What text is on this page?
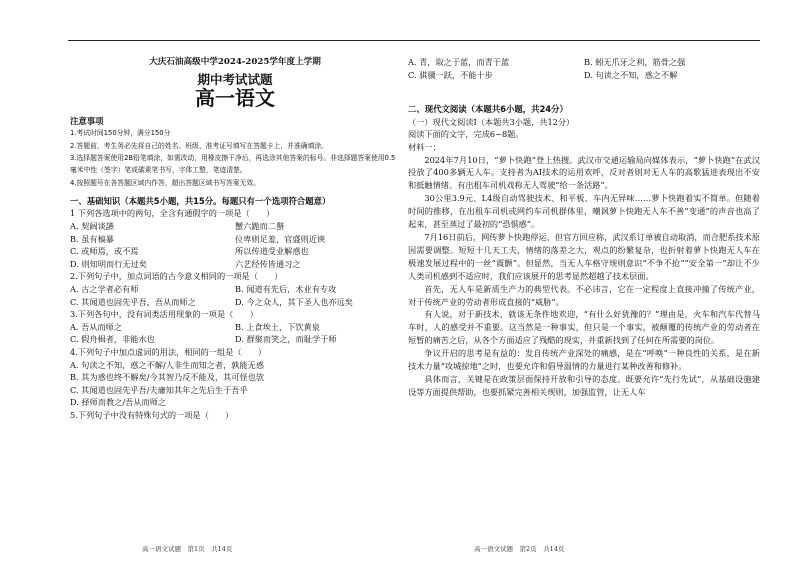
大庆石油高级中学2024-2025学年度上学期
期中考试试题
高一语文
注意事项
1.考试时间150分钟，满分150分
2.答题前，考生务必先将自己的姓名、班级、准考证号填写在答题卡上，并准确填涂。
3.选择题答案使用2B铅笔填涂，如需改动，用橡皮擦干净后，再选涂其他答案的标号。非选择题答案使用0.5毫米中性（签字）笔或碳素笔书写，字体工整，笔迹清楚。
4.按照题号在各答题区域内作答，超出答题区域书写答案无效。
一、基础知识（本题共5小题，共15分。每题只有一个选项符合题意）
1 下列各选项中的两句，全含有通假字的一项是（　　）
A. 契阔谈讌	蟹六跪而二螯
B. 虽有槁暴	位卑则足羞，官盛则近谀
C. 或师焉，或不焉	所以传道受业解惑也
D. 则知明而行无过矣	六艺经传皆通习之
2.下列句子中，加点词语的古今意义相同的一项是（　　）
A. 古之学者必有师	B. 闻道有先后，术业有专攻
C. 其闻道也固先乎吾，吾从而师之	D. 今之众人，其下圣人也亦远矣
3.下列各句中，没有词类活用现象的一项是（　　）
A. 吾从而师之	B. 上食埃土，下饮黄泉
C. 假舟楫者，非能水也	D. 群聚而笑之，而耻学于师
4.下列句子中加点虚词的用法，相同的一组是（　　）
A. 句读之不知，惑之不解/人非生而知之者，孰能无惑
B. 其为惑也终不解矣/今其智乃反不能及，其可怪也欤
C. 其闻道也固先乎吾/夫庸知其年之先后生于吾乎
D. 择师而教之/吾从而师之
5.下列句子中没有特殊句式的一项是（　　）
A. 青，取之于蓝，而青于蓝	B. 蚓无爪牙之利，筋骨之强
C. 骐骥一跃，不能十步	D. 句读之不知，惑之不解
二、现代文阅读（本题共6小题，共24分）
（一）现代文阅读Ⅰ（本题共3小题，共12分）
阅读下面的文字，完成6~8题。
材料一：

2024年7月10日，“萝卜快跑”登上热搜。武汉市交通运输局向媒体表示，“萝卜快跑”在武汉投放了400多辆无人车。支持者为AI技术的运用欢呼，反对者则对无人车的高歌猛进表现出不安和抵触情绪。有出租车司机戏称无人驾驶“给一条活路”。

30公里3.9元、L4级自动驾驶技术、和平板、车内无异味……萝卜快跑着实不简单。但随着时间的推移，在出租车司机或网约车司机群体里，嘲讽萝卜快跑无人车不善“变通”的声音也高了起来，甚至蒸过了最初的“恐惧感”。

7月16日前后，网传萝卜快跑停运，但官方回应称，武汉系订单被自动取消，而合肥系技术原因需要调整。短短十几天工夫，情绪的落差之大，观点的纷繁复杂，也折射着萝卜快跑无人车在极速发展过程中的一丝“震颤”。但显然，当无人车格守规则意识“不争不抢”“安全第一”却让不少人类司机感到不适应时，我们应该展开的思考显然超越了技术层面。

首先，无人车是新质生产力的典型代表。不必讳言，它在一定程度上直接冲撞了传统产业，对于传统产业的劳动者形成直接的“威胁”。

有人说，对于新技术，就该无条件地欢迎，“有什么好犹豫的？”理由是，火车和汽车代替马车时，人的感受并不重要。这当然是一种事实，但只是一个事实，被颠覆的传统产业的劳动者在短暂的痛苦之后，从各个方面适应了残酷的现实，并重新找到了任何在所需要的岗位。

争议开启的思考是有益的：发自传统产业深处的痛感，是在“呼唤”一种良性的关系，是在新技术力量“攻城掠地”之时，也要允许和倡导温情的力量进行某种改善和修补。

具体而言，关键是在政策层面保持开放和引导的态度。既要允许“先行先试”，从基础设施建设等方面提供帮助，也要抓紧完善相关规则，加强监管，让无人车

高一语文试题　第1页　共14页	高一语文试题　第2页　共14页
